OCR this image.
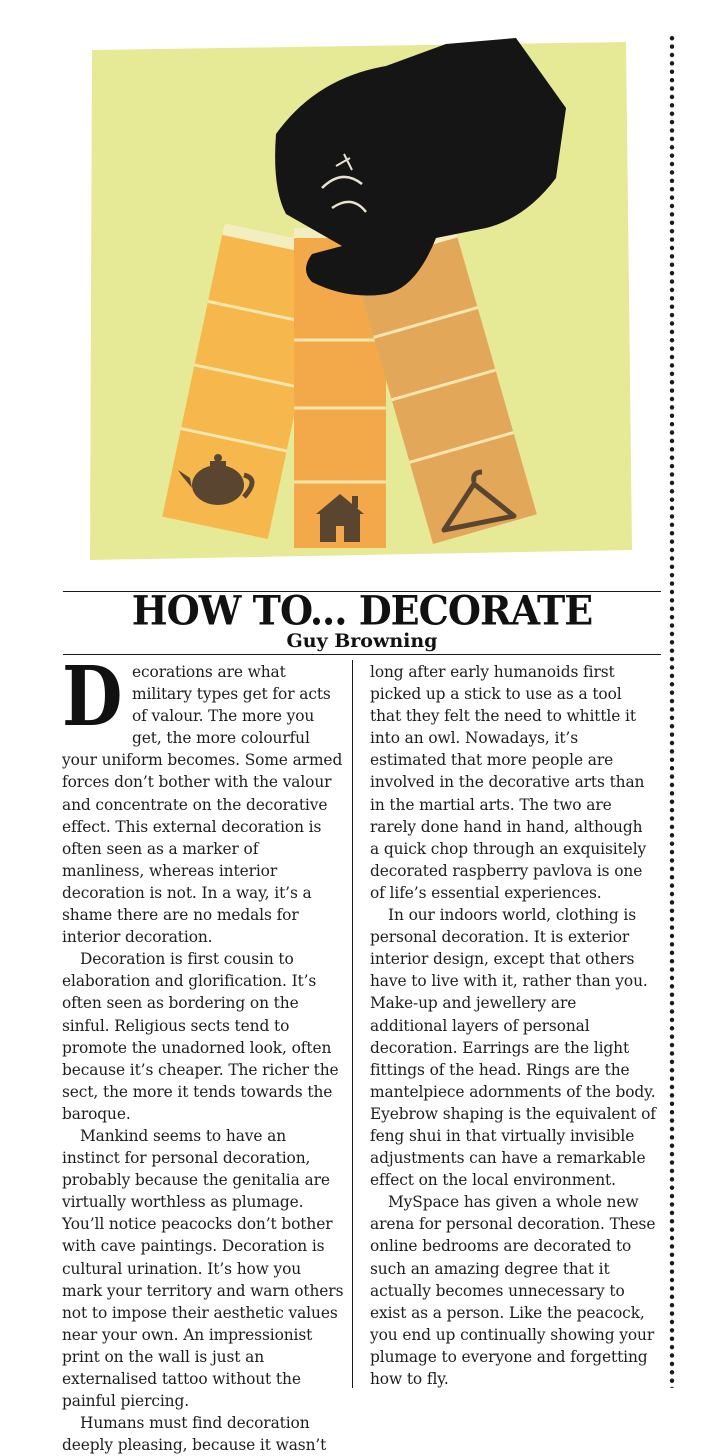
HOW TO... DECORATE
Guy Browning

Decorations are what military types get for acts of valour. The more you get, the more colourful your uniform becomes. Some armed forces don’t bother with the valour and concentrate on the decorative effect. This external decoration is often seen as a marker of manliness, whereas interior decoration is not. In a way, it’s a shame there are no medals for interior decoration.

Decoration is first cousin to elaboration and glorification. It’s often seen as bordering on the sinful. Religious sects tend to promote the unadorned look, often because it’s cheaper. The richer the sect, the more it tends towards the baroque.

Mankind seems to have an instinct for personal decoration, probably because the genitalia are virtually worthless as plumage. You’ll notice peacocks don’t bother with cave paintings. Decoration is cultural urination. It’s how you mark your territory and warn others not to impose their aesthetic values near your own. An impressionist print on the wall is just an externalised tattoo without the painful piercing.

Humans must find decoration deeply pleasing, because it wasn’t

long after early humanoids first picked up a stick to use as a tool that they felt the need to whittle it into an owl. Nowadays, it’s estimated that more people are involved in the decorative arts than in the martial arts. The two are rarely done hand in hand, although a quick chop through an exquisitely decorated raspberry pavlova is one of life’s essential experiences.

In our indoors world, clothing is personal decoration. It is exterior interior design, except that others have to live with it, rather than you. Make-up and jewellery are additional layers of personal decoration. Earrings are the light fittings of the head. Rings are the mantelpiece adornments of the body. Eyebrow shaping is the equivalent of feng shui in that virtually invisible adjustments can have a remarkable effect on the local environment.

MySpace has given a whole new arena for personal decoration. These online bedrooms are decorated to such an amazing degree that it actually becomes unnecessary to exist as a person. Like the peacock, you end up continually showing your plumage to everyone and forgetting how to fly.
